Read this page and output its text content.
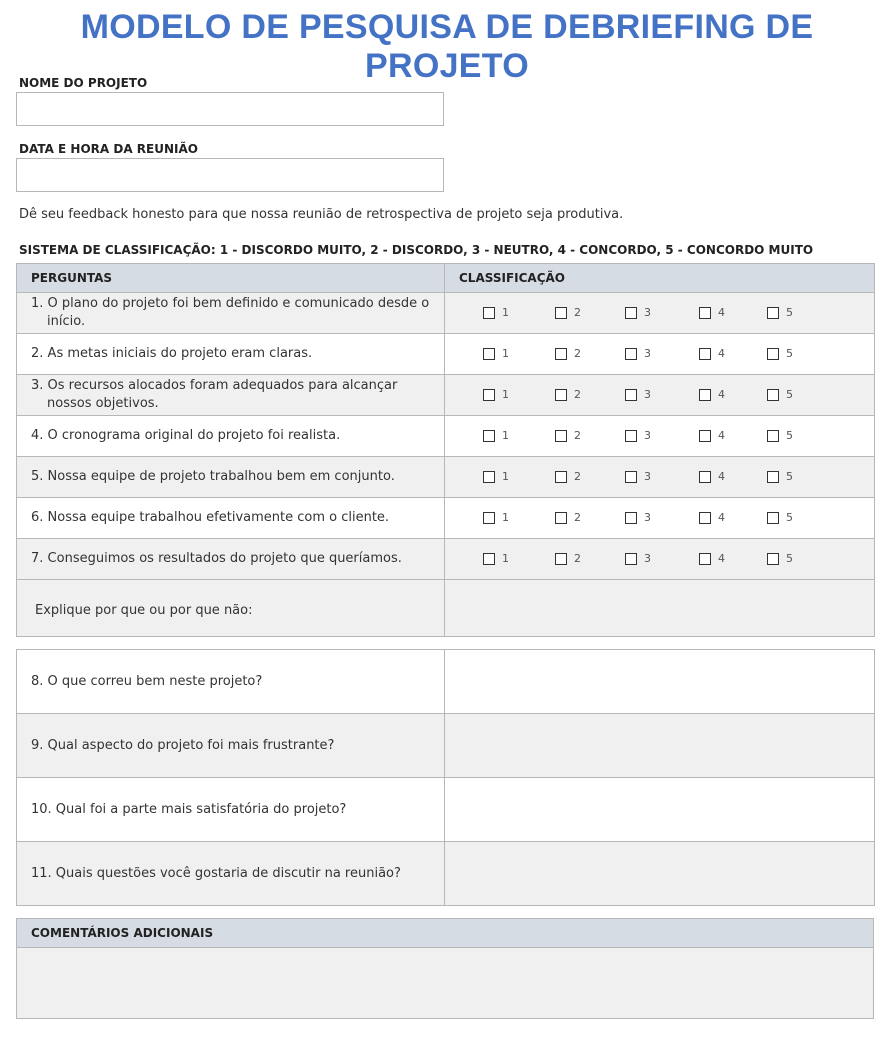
MODELO DE PESQUISA DE DEBRIEFING DE PROJETO
NOME DO PROJETO
DATA E HORA DA REUNIÃO
Dê seu feedback honesto para que nossa reunião de retrospectiva de projeto seja produtiva.
SISTEMA DE CLASSIFICAÇÃO: 1 - DISCORDO MUITO, 2 - DISCORDO, 3 - NEUTRO, 4 - CONCORDO, 5 - CONCORDO MUITO
PERGUNTAS	CLASSIFICAÇÃO

1. O plano do projeto foi bem definido e comunicado desde o início.	1 2 3 4 5

2. As metas iniciais do projeto eram claras.	1 2 3 4 5

3. Os recursos alocados foram adequados para alcançar nossos objetivos.	1 2 3 4 5

4. O cronograma original do projeto foi realista.	1 2 3 4 5

5. Nossa equipe de projeto trabalhou bem em conjunto.	1 2 3 4 5

6. Nossa equipe trabalhou efetivamente com o cliente.	1 2 3 4 5

7. Conseguimos os resultados do projeto que queríamos.	1 2 3 4 5

Explique por que ou por que não:	
8. O que correu bem neste projeto?	
9. Qual aspecto do projeto foi mais frustrante?	
10. Qual foi a parte mais satisfatória do projeto?	
11. Quais questões você gostaria de discutir na reunião?	
COMENTÁRIOS ADICIONAIS
